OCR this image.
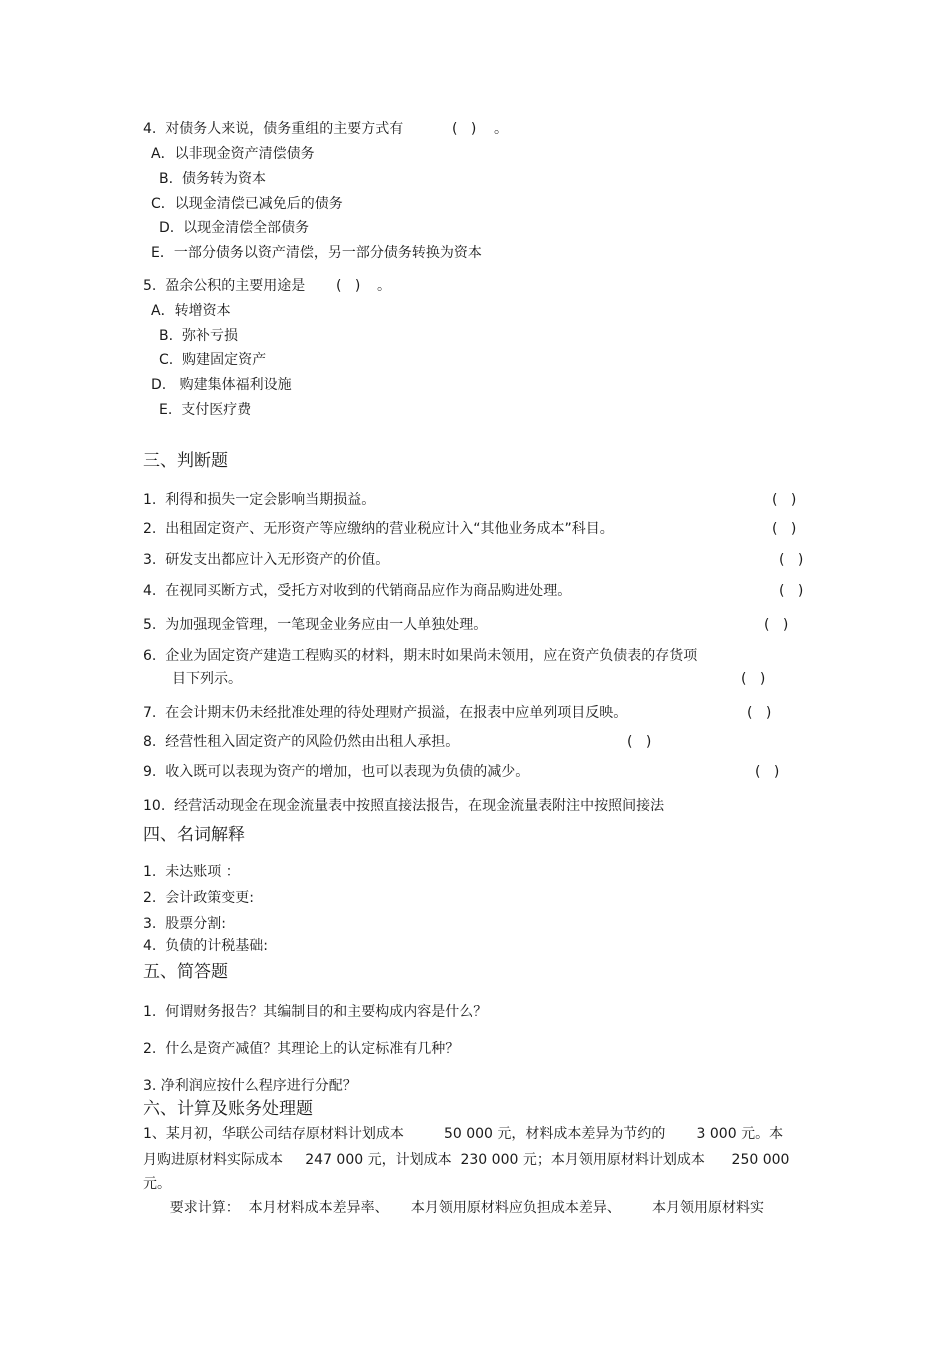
4.  对债务人来说，债务重组的主要方式有	(   ) 。
A．以非现金资产清偿债务
B.  债务转为资本
C．以现金清偿已减免后的债务
D.  以现金清偿全部债务
E．一部分债务以资产清偿，另一部分债务转换为资本
5.  盈余公积的主要用途是 (   ) 。
A．转增资本
B.  弥补亏损
C.  购建固定资产
D.   购建集体福利设施
E.  支付医疗费
三、判断题
1.  利得和损失一定会影响当期损益。	(   )
2.  出租固定资产、无形资产等应缴纳的营业税应计入“其他业务成本”科目。	(   )
3.  研发支出都应计入无形资产的价值。	(   )
4.  在视同买断方式，受托方对收到的代销商品应作为商品购进处理。	(   )
5.  为加强现金管理，一笔现金业务应由一人单独处理。	(   )
6.  企业为固定资产建造工程购买的材料，期末时如果尚未领用，应在资产负债表的存货项
目下列示。	(   )
7.  在会计期末仍未经批准处理的待处理财产损溢，在报表中应单列项目反映。	(   )
8.  经营性租入固定资产的风险仍然由出租人承担。	(   )
9.  收入既可以表现为资产的增加，也可以表现为负债的减少。	(   )
10.  经营活动现金在现金流量表中按照直接法报告，在现金流量表附注中按照间接法
四、名词解释
1.  未达账项 ：
2.  会计政策变更:
3.  股票分割:
4.  负债的计税基础:
五、简答题
1.  何谓财务报告？其编制目的和主要构成内容是什么？
2.  什么是资产减值？其理论上的认定标准有几种？
3. 净利润应按什么程序进行分配？
六、计算及账务处理题
1、某月初，华联公司结存原材料计划成本         50 000 元，材料成本差异为节约的       3 000 元。本
月购进原材料实际成本     247 000 元，计划成本  230 000 元；本月领用原材料计划成本      250 000
元。
要求计算：  本月材料成本差异率、     本月领用原材料应负担成本差异、       本月领用原材料实
